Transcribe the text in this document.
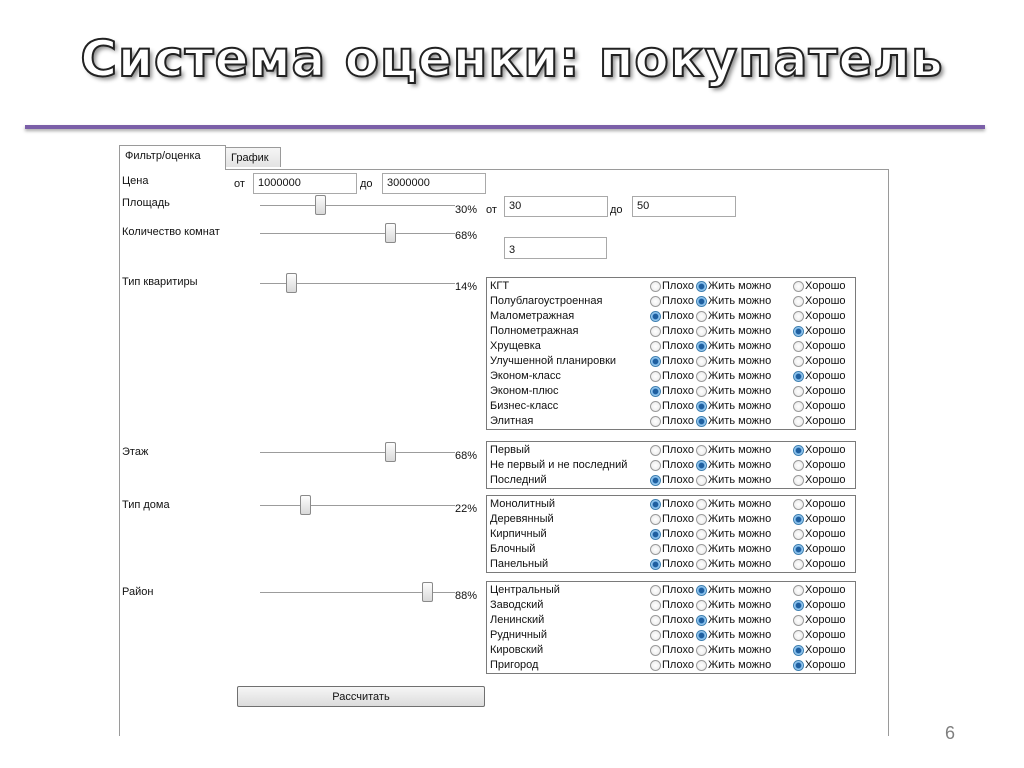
Система оценки: покупатель
6
Фильтр/оценка	График
Цена	от	1000000	до	3000000
Площадь
30% от	30	до	50
Количество комнат	68%
3
Тип кваритиры	14% КГТ	Плохо Жить можно	Хорошо
Полублагоустроенная	Плохо Жить можно	Хорошо
Малометражная	Плохо Жить можно	Хорошо
Полнометражная	Плохо Жить можно	Хорошо
Хрущевка	Плохо Жить можно	Хорошо
Улучшенной планировки	Плохо Жить можно	Хорошо
Эконом-класс	Плохо Жить можно	Хорошо
Эконом-плюс	Плохо Жить можно	Хорошо
Бизнес-класс	Плохо Жить можно	Хорошо
Элитная	Плохо Жить можно	Хорошо
Этаж	68% Первый	Плохо Жить можно	Хорошо
Не первый и не последний	Плохо Жить можно	Хорошо
Последний	Плохо Жить можно	Хорошо
Тип дома	22% Монолитный	Плохо Жить можно	Хорошо
Деревянный	Плохо Жить можно	Хорошо
Кирпичный	Плохо Жить можно	Хорошо
Блочный	Плохо Жить можно	Хорошо
Панельный	Плохо Жить можно	Хорошо
Район	88% Центральный	Плохо Жить можно	Хорошо
Заводский	Плохо Жить можно	Хорошо
Ленинский	Плохо Жить можно	Хорошо
Рудничный	Плохо Жить можно	Хорошо
Кировский	Плохо Жить можно	Хорошо
Пригород	Плохо Жить можно	Хорошо
Рассчитать
